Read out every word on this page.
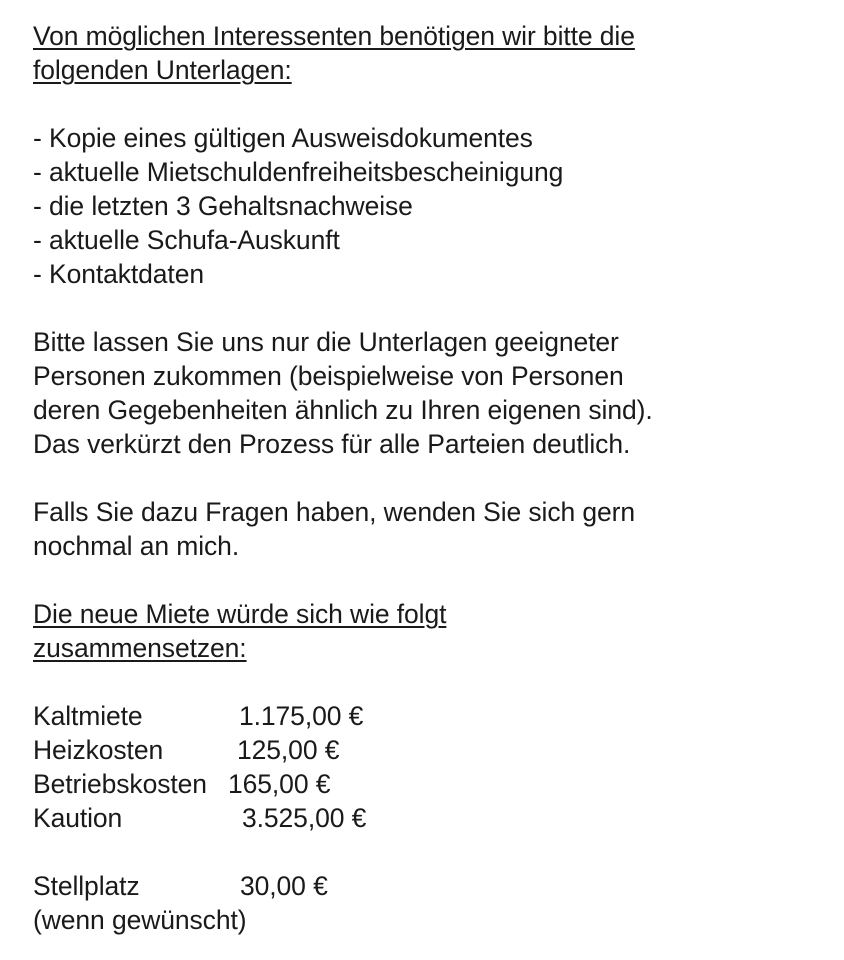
Von möglichen Interessenten benötigen wir bitte die
folgenden Unterlagen:
- Kopie eines gültigen Ausweisdokumentes
- aktuelle Mietschuldenfreiheitsbescheinigung
- die letzten 3 Gehaltsnachweise
- aktuelle Schufa-Auskunft
- Kontaktdaten
Bitte lassen Sie uns nur die Unterlagen geeigneter
Personen zukommen (beispielweise von Personen
deren Gegebenheiten ähnlich zu Ihren eigenen sind).
Das verkürzt den Prozess für alle Parteien deutlich.
Falls Sie dazu Fragen haben, wenden Sie sich gern
nochmal an mich.
Die neue Miete würde sich wie folgt
zusammensetzen:
Kaltmiete	1.175,00 €
Heizkosten	125,00 €
Betriebskosten 165,00 €
Kaution	3.525,00 €
Stellplatz	30,00 €
(wenn gewünscht)
